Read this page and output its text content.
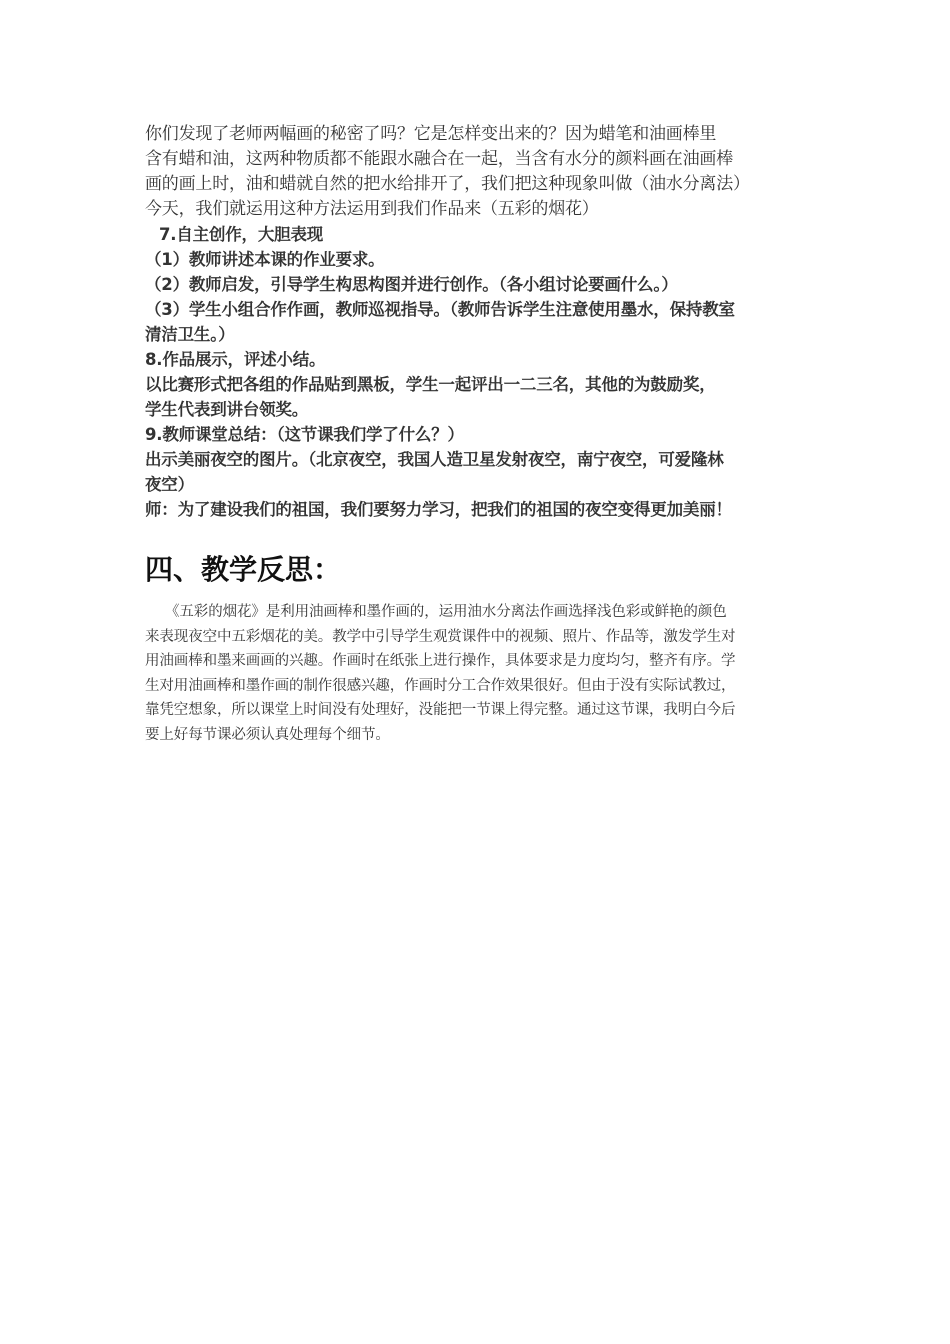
你们发现了老师两幅画的秘密了吗？它是怎样变出来的？因为蜡笔和油画棒里
含有蜡和油，这两种物质都不能跟水融合在一起，当含有水分的颜料画在油画棒
画的画上时，油和蜡就自然的把水给排开了，我们把这种现象叫做（油水分离法）
今天，我们就运用这种方法运用到我们作品来（五彩的烟花）
7.自主创作，大胆表现
（1）教师讲述本课的作业要求。
（2）教师启发，引导学生构思构图并进行创作。（各小组讨论要画什么。）
（3）学生小组合作作画，教师巡视指导。（教师告诉学生注意使用墨水，保持教室
清洁卫生。）
8.作品展示，评述小结。
以比赛形式把各组的作品贴到黑板，学生一起评出一二三名，其他的为鼓励奖，
学生代表到讲台领奖。
9.教师课堂总结：（这节课我们学了什么？）
出示美丽夜空的图片。（北京夜空，我国人造卫星发射夜空，南宁夜空，可爱隆林
夜空）
师：为了建设我们的祖国，我们要努力学习，把我们的祖国的夜空变得更加美丽！
四、教学反思：
《五彩的烟花》是利用油画棒和墨作画的，运用油水分离法作画选择浅色彩或鲜艳的颜色
来表现夜空中五彩烟花的美。教学中引导学生观赏课件中的视频、照片、作品等，激发学生对
用油画棒和墨来画画的兴趣。作画时在纸张上进行操作，具体要求是力度均匀，整齐有序。学
生对用油画棒和墨作画的制作很感兴趣，作画时分工合作效果很好。但由于没有实际试教过，
靠凭空想象，所以课堂上时间没有处理好，没能把一节课上得完整。通过这节课，我明白今后
要上好每节课必须认真处理每个细节。
